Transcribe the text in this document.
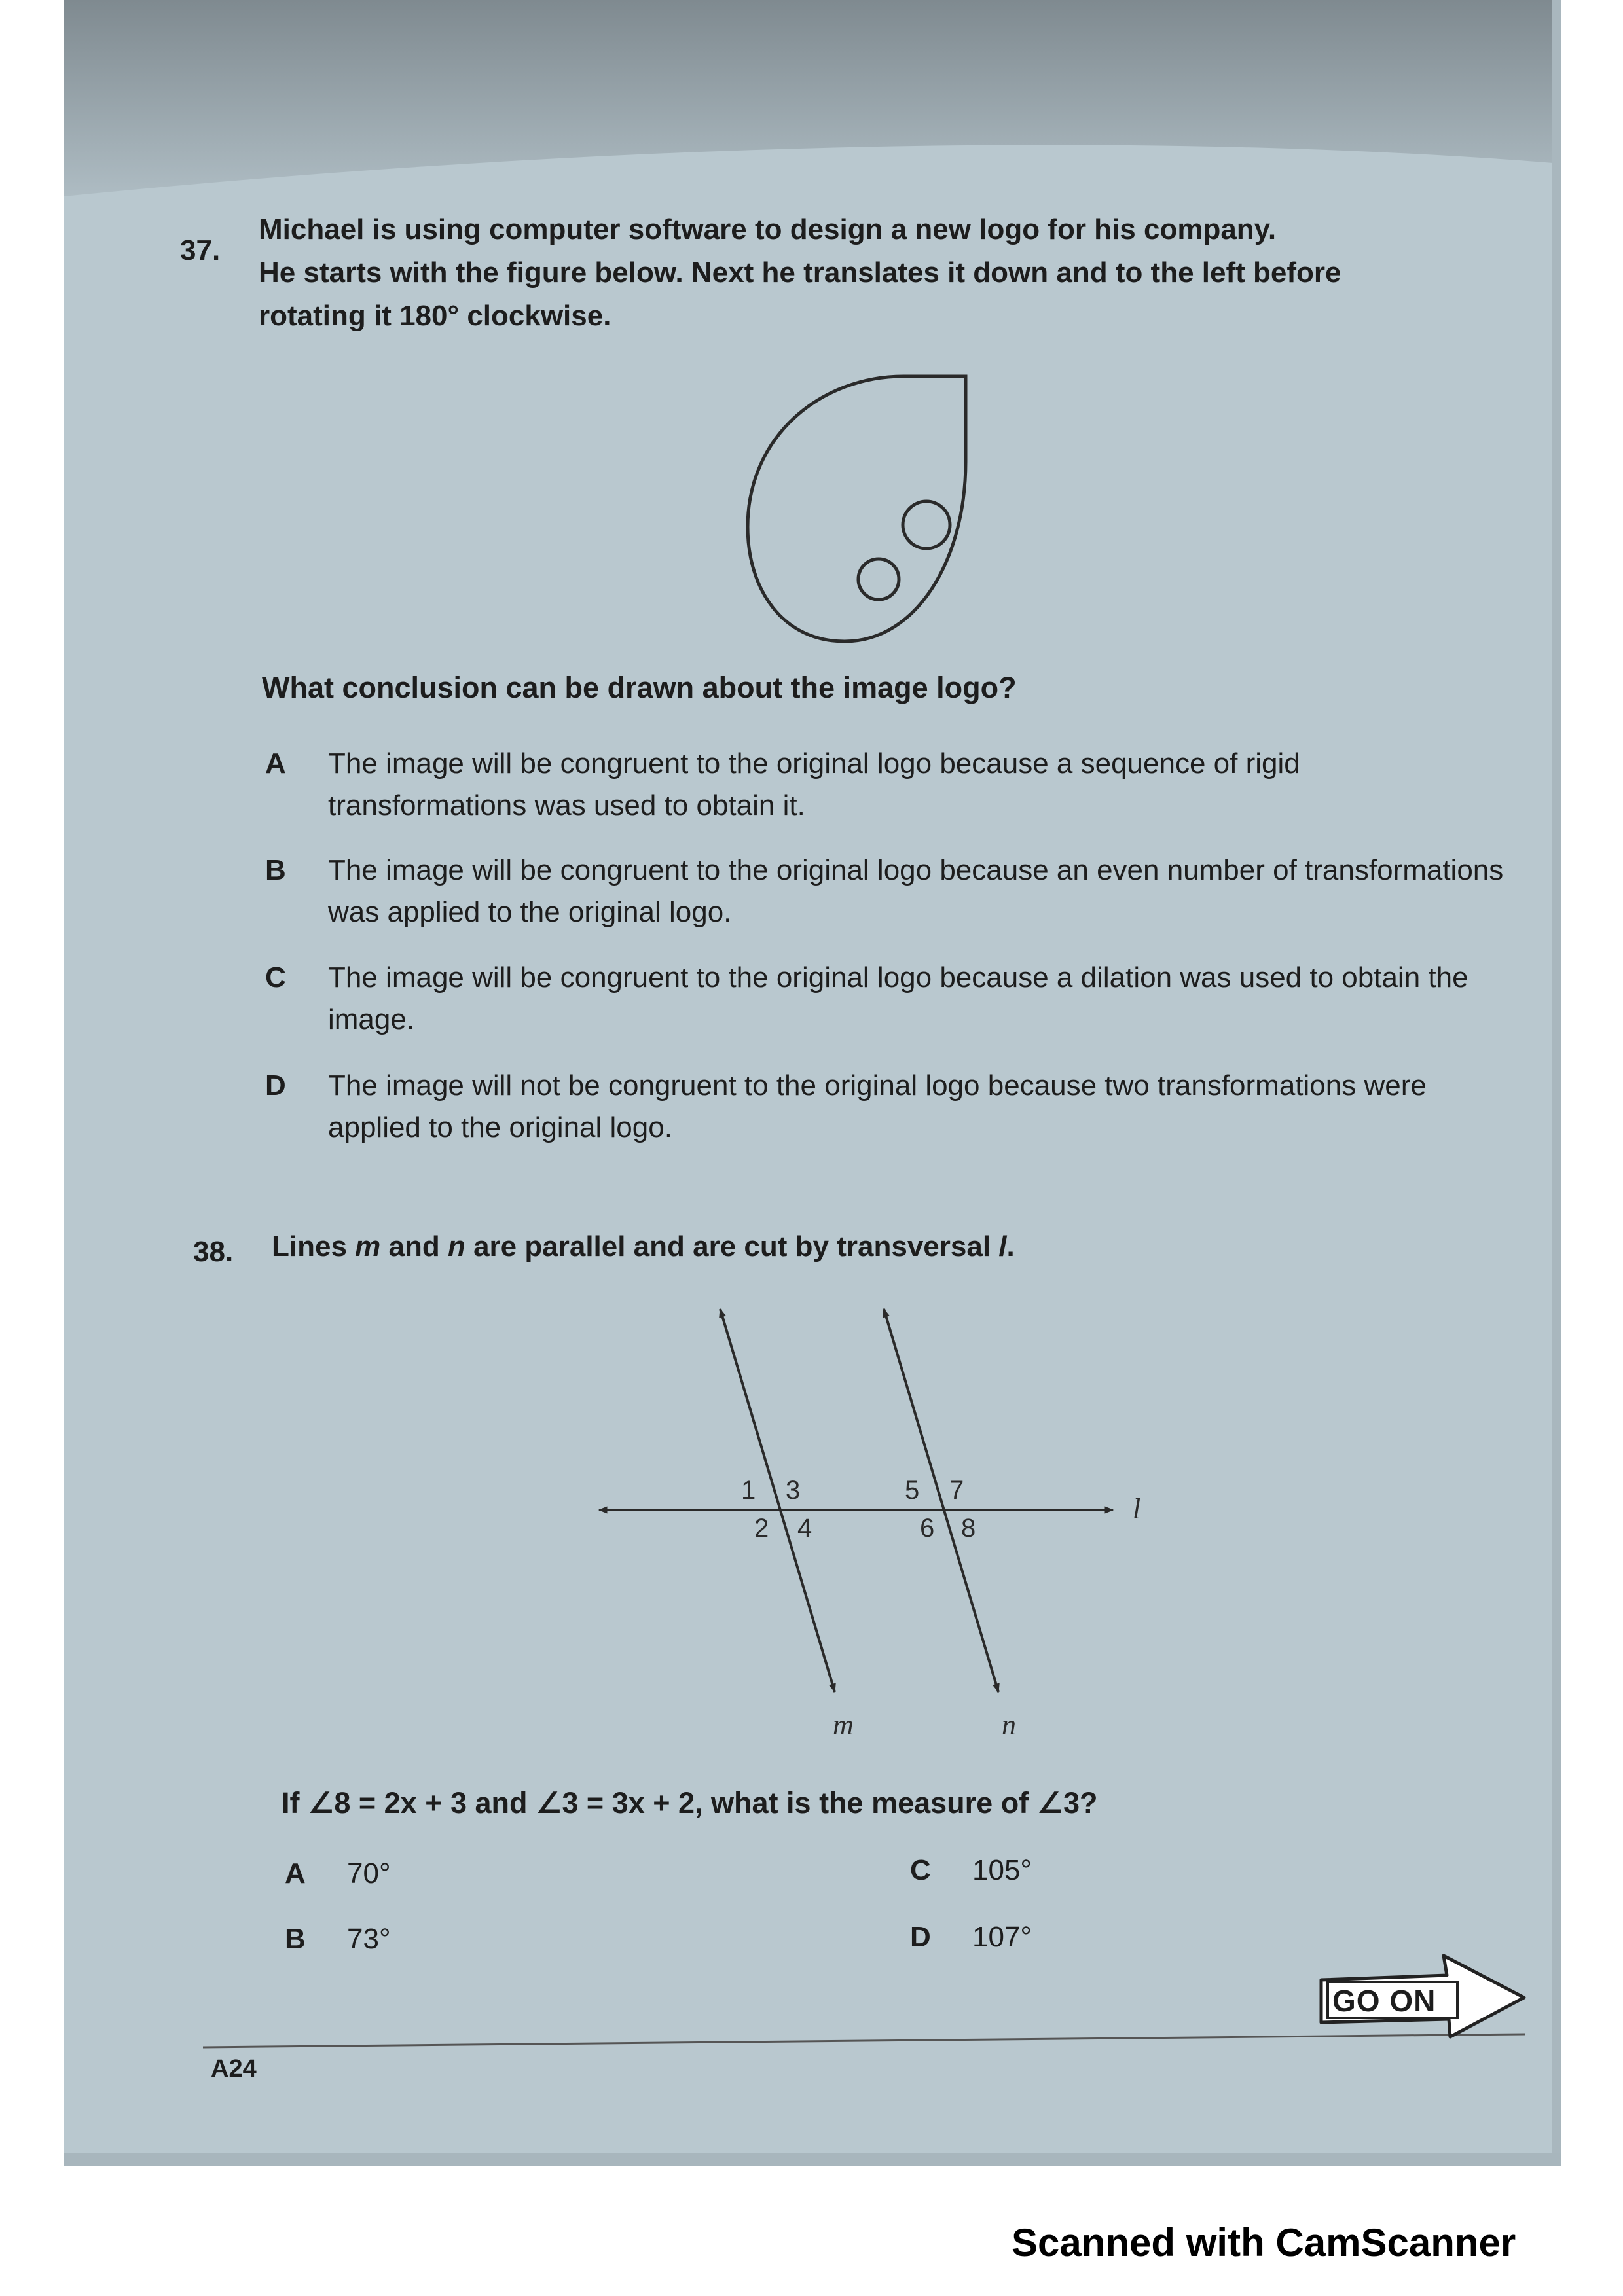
37.
Michael is using computer software to design a new logo for his company.
He starts with the figure below. Next he translates it down and to the left before
rotating it 180° clockwise.
What conclusion can be drawn about the image logo?
A The image will be congruent to the original logo because a sequence of rigid transformations was used to obtain it.
B The image will be congruent to the original logo because an even number of transformations was applied to the original logo.
C The image will be congruent to the original logo because a dilation was used to obtain the image.
D The image will not be congruent to the original logo because two transformations were applied to the original logo.
38. Lines m and n are parallel and are cut by transversal l.
1 3
2 4
5 7
6 8
m	n
l
If ∠8 = 2x + 3 and ∠3 = 3x + 2, what is the measure of ∠3?
A 70°
B 73°
C 105°
D 107°
GO ON
A24
Scanned with CamScanner
